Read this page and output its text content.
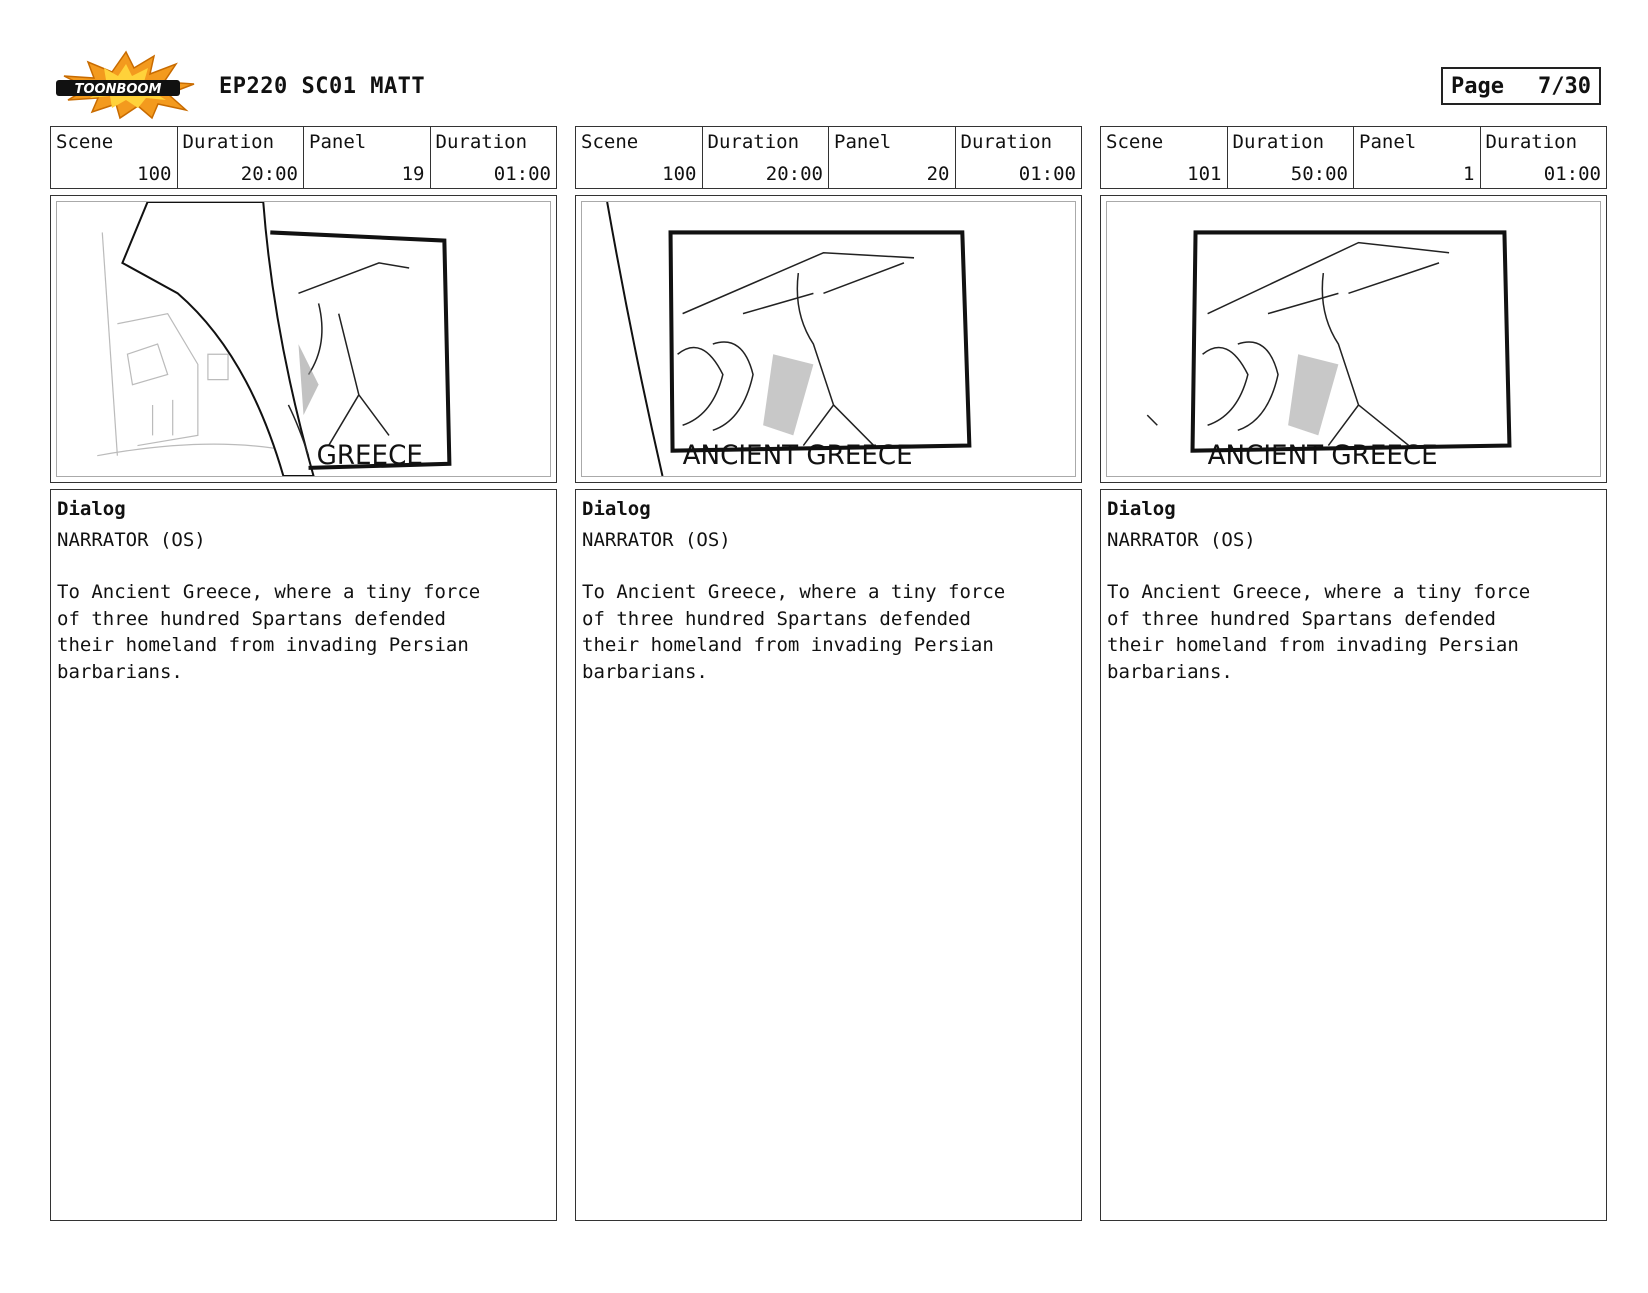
TOONBOOM	EP220 SC01 MATT	Page 7/30
Scene
100
Duration
20:00
Panel
19
Duration
01:00
GREECE
Dialog
NARRATOR (OS)
To Ancient Greece, where a tiny force
of three hundred Spartans defended
their homeland from invading Persian
barbarians.
Scene
100
Duration
20:00
Panel
20
Duration
01:00
ANCIENT GREECE
Dialog
NARRATOR (OS)
To Ancient Greece, where a tiny force
of three hundred Spartans defended
their homeland from invading Persian
barbarians.
Scene
101
Duration
50:00
Panel
1
Duration
01:00
ANCIENT GREECE
Dialog
NARRATOR (OS)
To Ancient Greece, where a tiny force
of three hundred Spartans defended
their homeland from invading Persian
barbarians.
